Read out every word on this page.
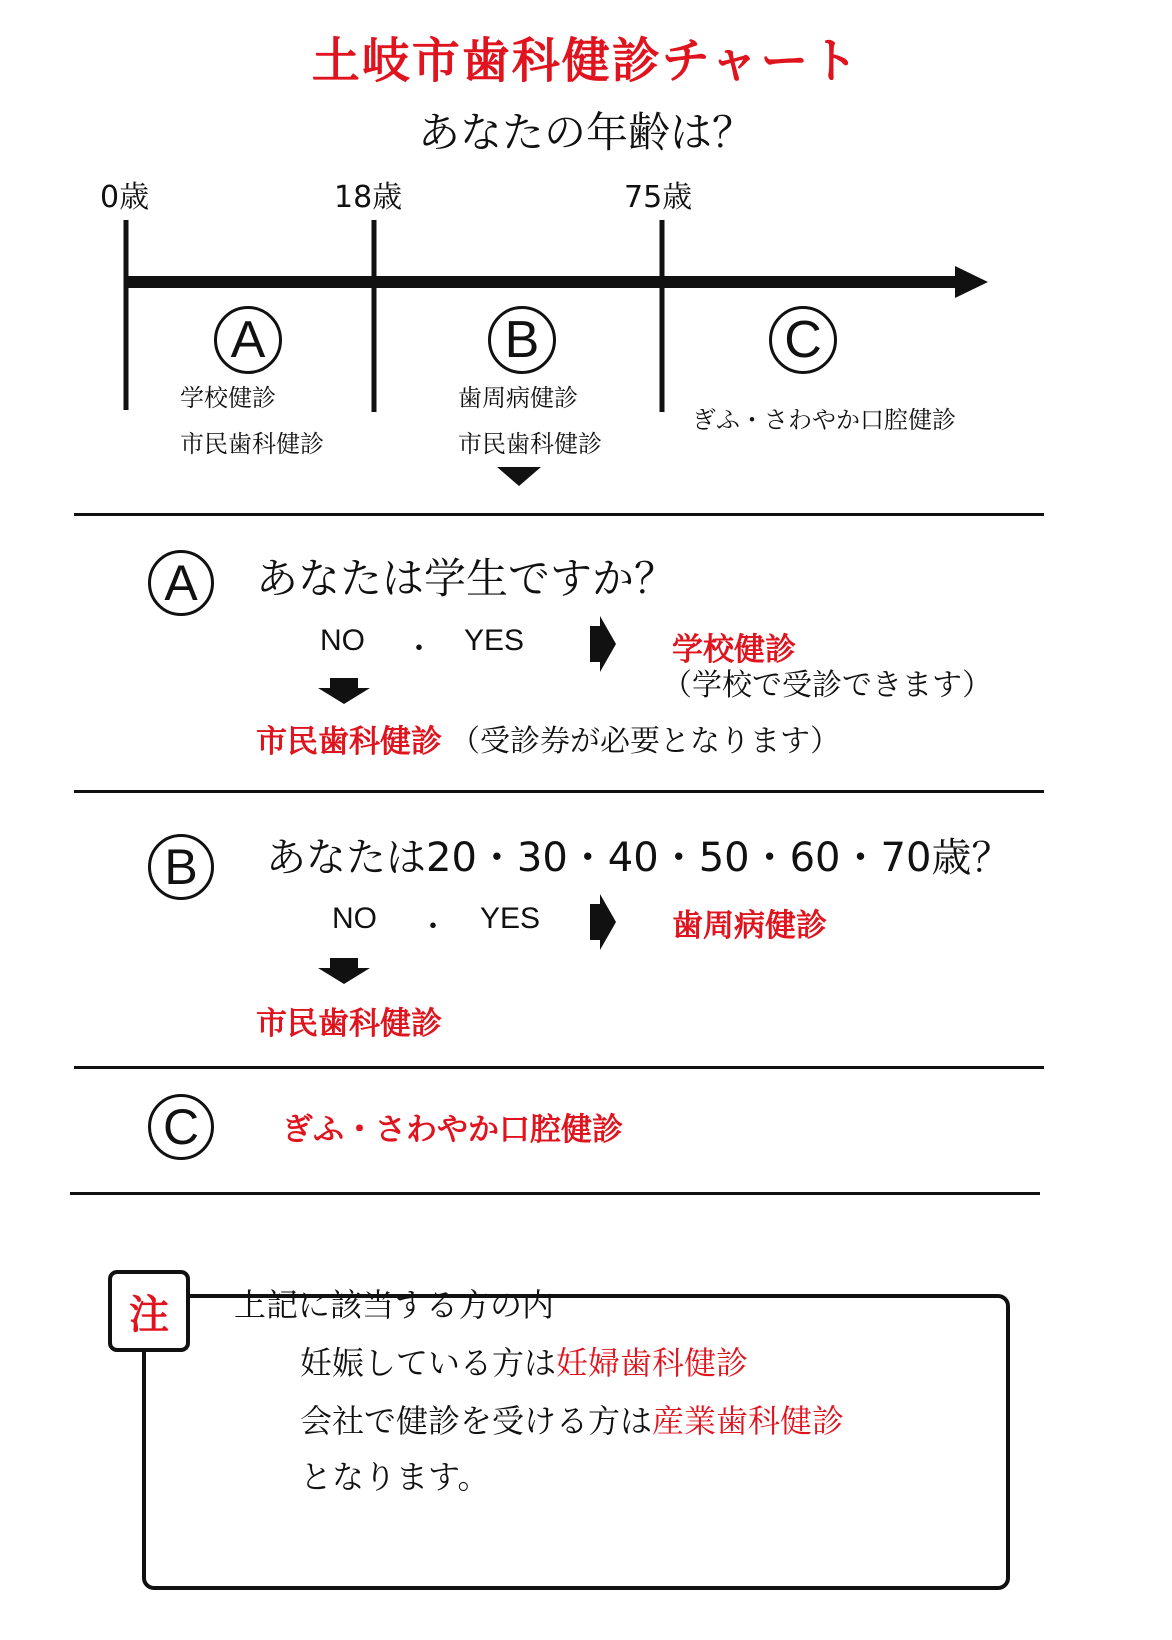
土岐市歯科健診チャート
あなたの年齢は？
0歳	18歳	75歳
A
学校健診
市民歯科健診
B
歯周病健診
市民歯科健診
C
ぎふ・さわやか口腔健診
A	あなたは学生ですか？
NO ・ YES	学校健診
（学校で受診できます）
市民歯科健診 （受診券が必要となります）
B	あなたは20・30・40・50・60・70歳？
NO ・ YES	歯周病健診
市民歯科健診
C	ぎふ・さわやか口腔健診
注	上記に該当する方の内
妊娠している方は妊婦歯科健診
会社で健診を受ける方は産業歯科健診
となります。
